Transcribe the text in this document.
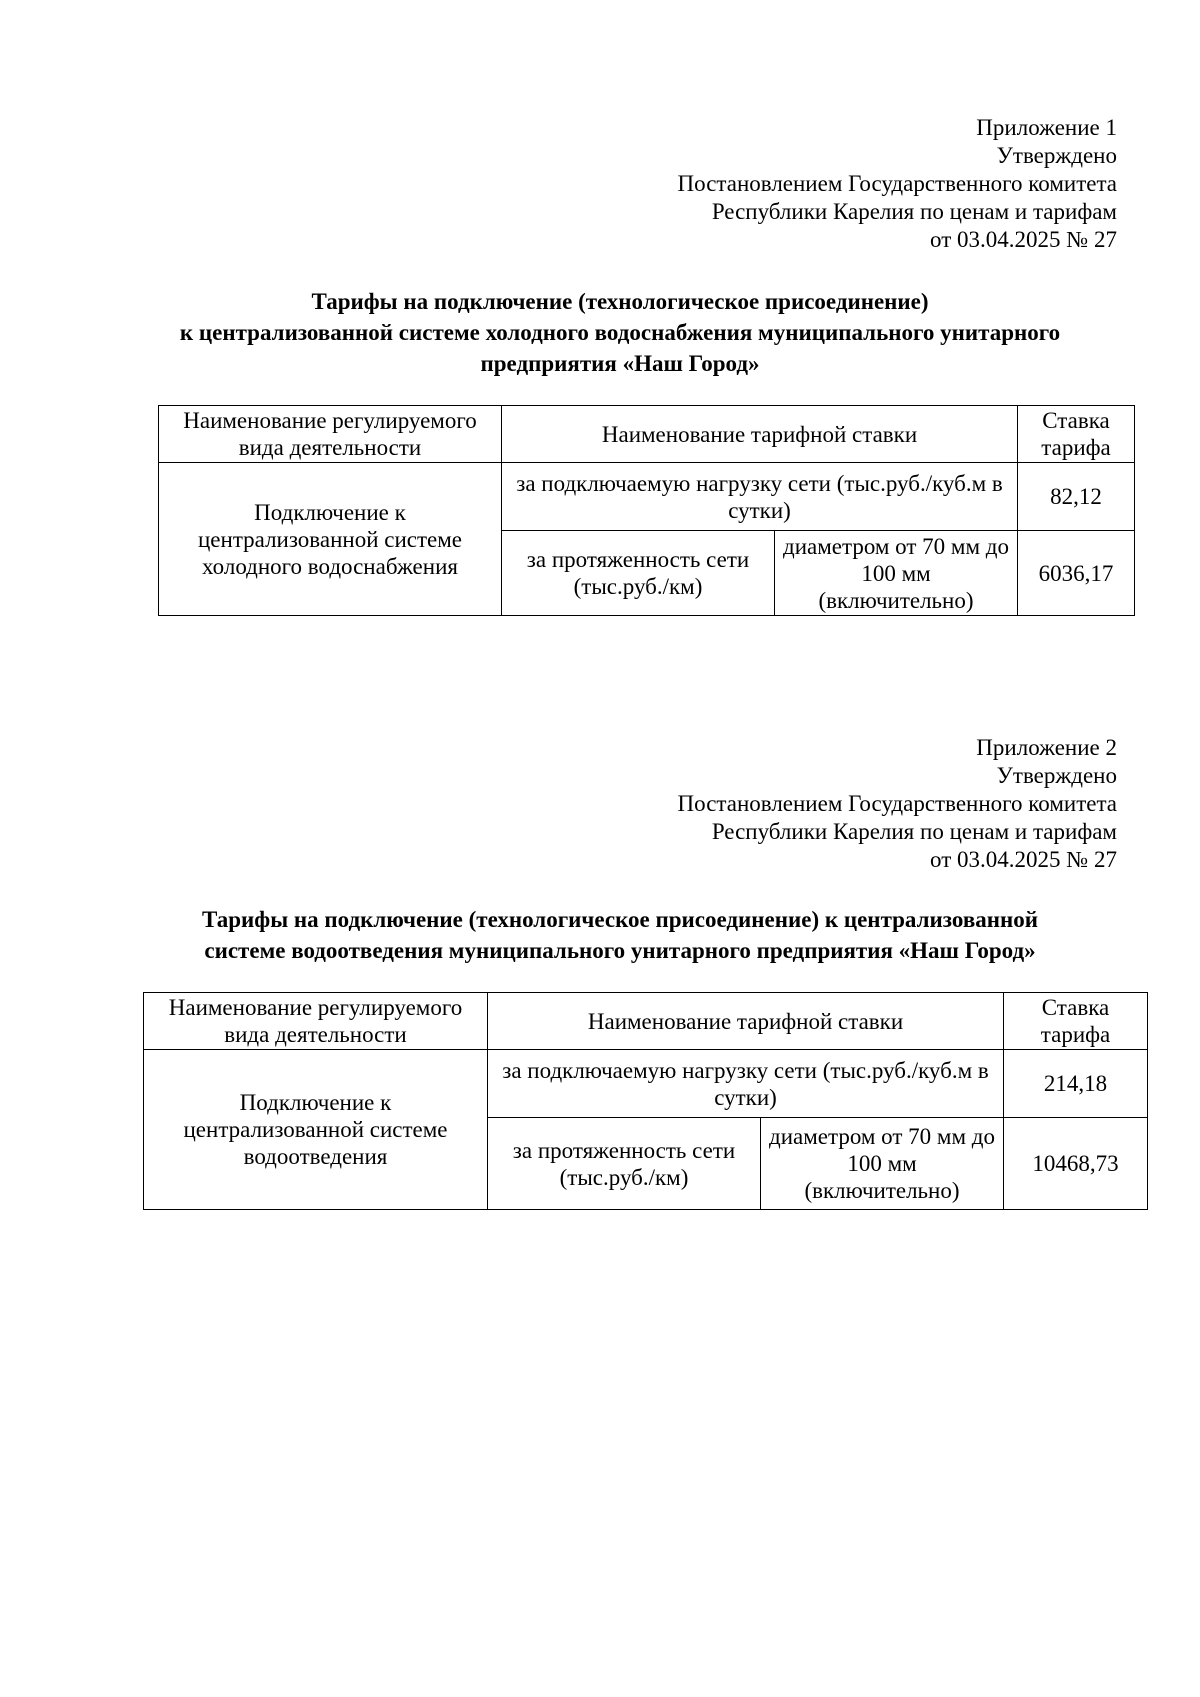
Приложение 1
Утверждено
Постановлением Государственного комитета
Республики Карелия по ценам и тарифам
от 03.04.2025 № 27
Тарифы на подключение (технологическое присоединение)
к централизованной системе холодного водоснабжения муниципального унитарного
предприятия «Наш Город»
Наименование регулируемого вида деятельности	Наименование тарифной ставки		Ставка тарифа
Подключение к централизованной системе холодного водоснабжения	за подключаемую нагрузку сети (тыс.руб./куб.м в сутки)		82,12
	за протяженность сети (тыс.руб./км)	диаметром от 70 мм до 100 мм (включительно)	6036,17
Приложение 2
Утверждено
Постановлением Государственного комитета
Республики Карелия по ценам и тарифам
от 03.04.2025 № 27
Тарифы на подключение (технологическое присоединение) к централизованной
системе водоотведения муниципального унитарного предприятия «Наш Город»
Наименование регулируемого вида деятельности	Наименование тарифной ставки		Ставка тарифа
Подключение к централизованной системе водоотведения	за подключаемую нагрузку сети (тыс.руб./куб.м в сутки)		214,18
	за протяженность сети (тыс.руб./км)	диаметром от 70 мм до 100 мм (включительно)	10468,73
